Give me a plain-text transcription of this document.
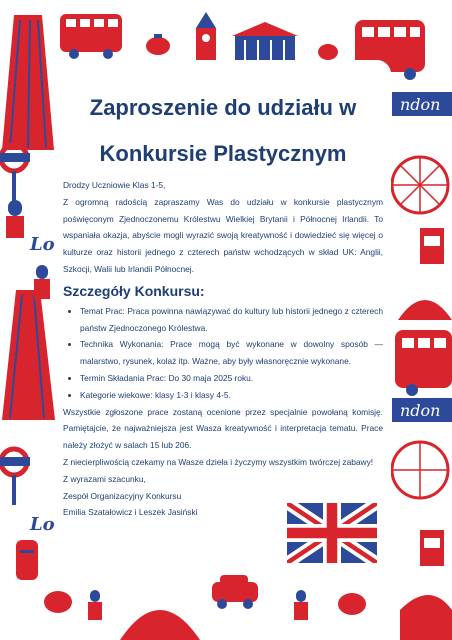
ndon
ndon
Lo
Lo
Zaproszenie do udziału w
Konkursie Plastycznym

Drodzy Uczniowie Klas 1-5,

Z ogromną radością zapraszamy Was do udziału w konkursie plastycznym poświęconym Zjednoczonemu Królestwu Wielkiej Brytanii i Północnej Irlandii. To wspaniała okazja, abyście mogli wyrazić swoją kreatywność i dowiedzieć się więcej o kulturze oraz historii jednego z czterech państw wchodzących w skład UK: Anglii, Szkocji, Walii lub Irlandii Północnej.

Szczegóły Konkursu:
• Temat Prac: Praca powinna nawiązywać do kultury lub historii jednego z czterech państw Zjednoczonego Królestwa.
• Technika Wykonania: Prace mogą być wykonane w dowolny sposób — malarstwo, rysunek, kolaż itp. Ważne, aby były własnoręcznie wykonane.
• Termin Składania Prac: Do 30 maja 2025 roku.
• Kategorie wiekowe: klasy 1-3 i klasy 4-5.

Wszystkie zgłoszone prace zostaną ocenione przez specjalnie powołaną komisję. Pamiętajcie, że najważniejsza jest Wasza kreatywność i interpretacja tematu. Prace należy złożyć w salach 15 lub 206.

Z niecierpliwością czekamy na Wasze dzieła i życzymy wszystkim twórczej zabawy!

Z wyrazami szacunku,

Zespół Organizacyjny Konkursu

Emilia Szatałowicz i Leszek Jasiński
